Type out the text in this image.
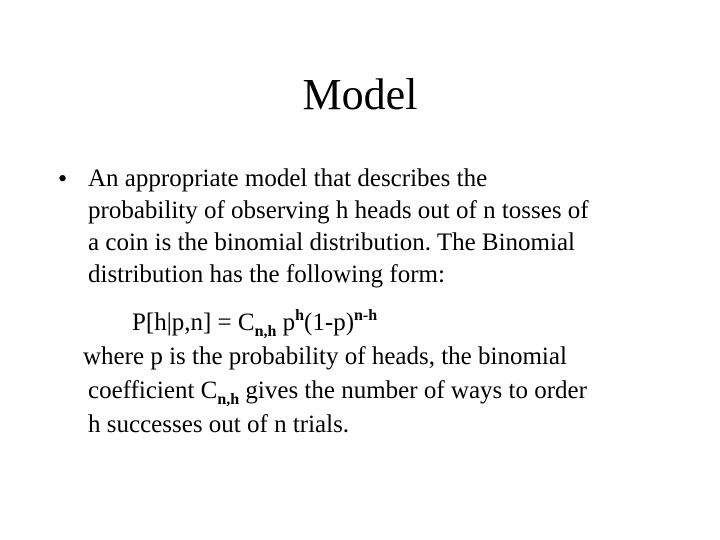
Model
• An appropriate model that describes the
probability of observing h heads out of n tosses of
a coin is the binomial distribution. The Binomial
distribution has the following form:
$P[h|p,n] = C_{n,h}$ $p^h(1-p)^{n-h}$
where p is the probability of heads, the binomial
coefficient $C_{n,h}$ gives the number of ways to order
h successes out of n trials.
